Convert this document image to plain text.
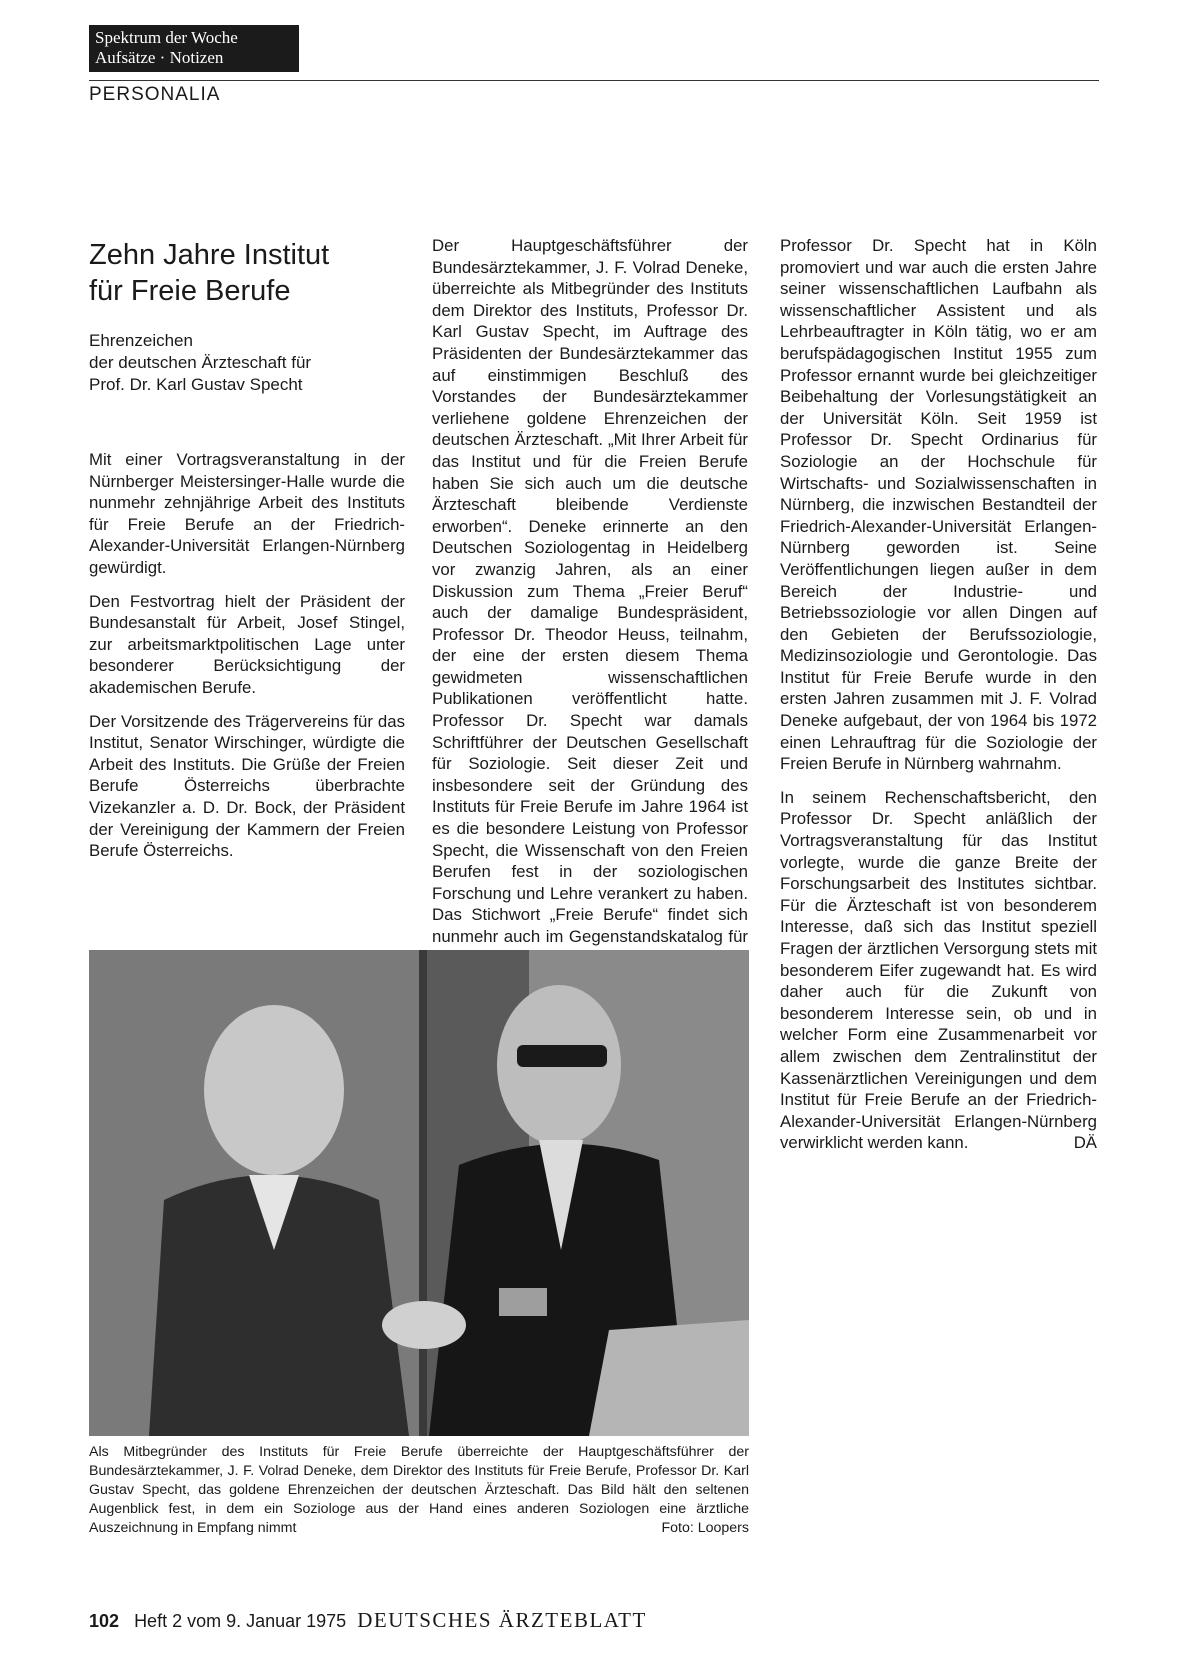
Spektrum der Woche
Aufsätze · Notizen
PERSONALIA
Zehn Jahre Institut
für Freie Berufe
Ehrenzeichen
der deutschen Ärzteschaft für
Prof. Dr. Karl Gustav Specht

Mit einer Vortragsveranstaltung in der Nürnberger Meistersinger-Halle wurde die nunmehr zehnjährige Arbeit des Instituts für Freie Berufe an der Friedrich-Alexander-Universität Erlangen-Nürnberg gewürdigt.

Den Festvortrag hielt der Präsident der Bundesanstalt für Arbeit, Josef Stingel, zur arbeitsmarktpolitischen Lage unter besonderer Berücksichtigung der akademischen Berufe.

Der Vorsitzende des Trägervereins für das Institut, Senator Wirschinger, würdigte die Arbeit des Instituts. Die Grüße der Freien Berufe Österreichs überbrachte Vizekanzler a. D. Dr. Bock, der Präsident der Vereinigung der Kammern der Freien Berufe Österreichs.

Der Hauptgeschäftsführer der Bundesärztekammer, J. F. Volrad Deneke, überreichte als Mitbegründer des Instituts dem Direktor des Instituts, Professor Dr. Karl Gustav Specht, im Auftrage des Präsidenten der Bundesärztekammer das auf einstimmigen Beschluß des Vorstandes der Bundesärztekammer verliehene goldene Ehrenzeichen der deutschen Ärzteschaft. „Mit Ihrer Arbeit für das Institut und für die Freien Berufe haben Sie sich auch um die deutsche Ärzteschaft bleibende Verdienste erworben“. Deneke erinnerte an den Deutschen Soziologentag in Heidelberg vor zwanzig Jahren, als an einer Diskussion zum Thema „Freier Beruf“ auch der damalige Bundespräsident, Professor Dr. Theodor Heuss, teilnahm, der eine der ersten diesem Thema gewidmeten wissenschaftlichen Publikationen veröffentlicht hatte. Professor Dr. Specht war damals Schriftführer der Deutschen Gesellschaft für Soziologie. Seit dieser Zeit und insbesondere seit der Gründung des Instituts für Freie Berufe im Jahre 1964 ist es die besondere Leistung von Professor Specht, die Wissenschaft von den Freien Berufen fest in der soziologischen Forschung und Lehre verankert zu haben. Das Stichwort „Freie Berufe“ findet sich nunmehr auch im Gegenstandskatalog für

Professor Dr. Specht hat in Köln promoviert und war auch die ersten Jahre seiner wissenschaftlichen Laufbahn als wissenschaftlicher Assistent und als Lehrbeauftragter in Köln tätig, wo er am berufspädagogischen Institut 1955 zum Professor ernannt wurde bei gleichzeitiger Beibehaltung der Vorlesungstätigkeit an der Universität Köln. Seit 1959 ist Professor Dr. Specht Ordinarius für Soziologie an der Hochschule für Wirtschafts- und Sozialwissenschaften in Nürnberg, die inzwischen Bestandteil der Friedrich-Alexander-Universität Erlangen-Nürnberg geworden ist. Seine Veröffentlichungen liegen außer in dem Bereich der Industrie- und Betriebssoziologie vor allen Dingen auf den Gebieten der Berufssoziologie, Medizinsoziologie und Gerontologie. Das Institut für Freie Berufe wurde in den ersten Jahren zusammen mit J. F. Volrad Deneke aufgebaut, der von 1964 bis 1972 einen Lehrauftrag für die Soziologie der Freien Berufe in Nürnberg wahrnahm.

In seinem Rechenschaftsbericht, den Professor Dr. Specht anläßlich der Vortragsveranstaltung für das Institut vorlegte, wurde die ganze Breite der Forschungsarbeit des Institutes sichtbar. Für die Ärzteschaft ist von besonderem Interesse, daß sich das Institut speziell Fragen der ärztlichen Versorgung stets mit besonderem Eifer zugewandt hat. Es wird daher auch für die Zukunft von besonderem Interesse sein, ob und in welcher Form eine Zusammenarbeit vor allem zwischen dem Zentralinstitut der Kassenärztlichen Vereinigungen und dem Institut für Freie Berufe an der Friedrich-Alexander-Universität Erlangen-Nürnberg verwirklicht werden kann.	DÄ

Als Mitbegründer des Instituts für Freie Berufe überreichte der Hauptgeschäftsführer der Bundesärztekammer, J. F. Volrad Deneke, dem Direktor des Instituts für Freie Berufe, Professor Dr. Karl Gustav Specht, das goldene Ehrenzeichen der deutschen Ärzteschaft. Das Bild hält den seltenen Augenblick fest, in dem ein Soziologe aus der Hand eines anderen Soziologen eine ärztliche Auszeichnung in Empfang nimmt	Foto: Loopers
102 Heft 2 vom 9. Januar 1975 DEUTSCHES ÄRZTEBLATT
